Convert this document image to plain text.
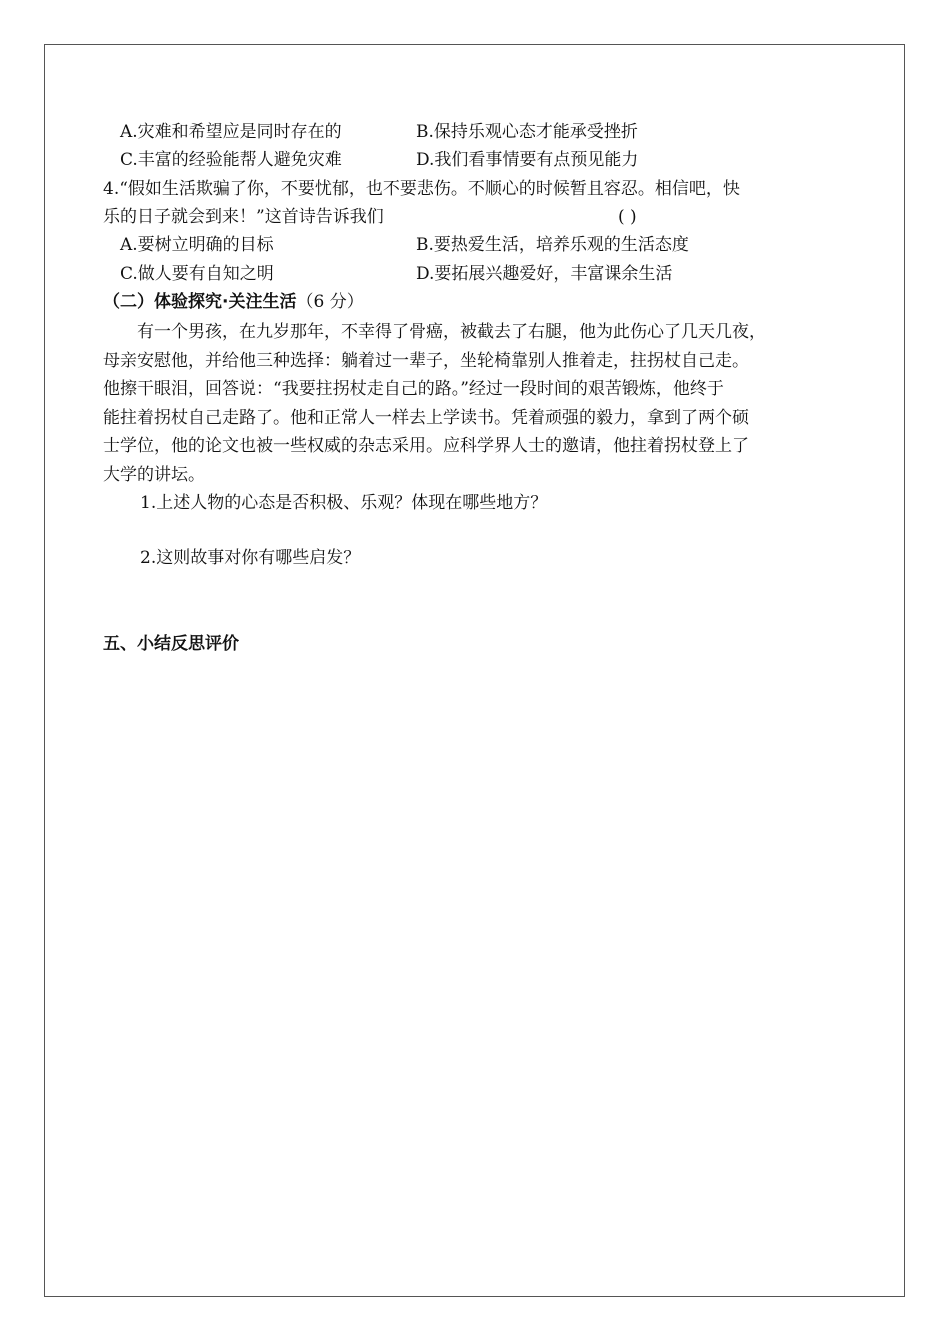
A.灾难和希望应是同时存在的	B.保持乐观心态才能承受挫折
C.丰富的经验能帮人避免灾难	D.我们看事情要有点预见能力
4.“假如生活欺骗了你，不要忧郁，也不要悲伤。不顺心的时候暂且容忍。相信吧，快
乐的日子就会到来！”这首诗告诉我们	( )
A.要树立明确的目标	B.要热爱生活，培养乐观的生活态度
C.做人要有自知之明	D.要拓展兴趣爱好，丰富课余生活
（二）体验探究·关注生活（6 分）

　　有一个男孩，在九岁那年，不幸得了骨癌，被截去了右腿，他为此伤心了几天几夜，

母亲安慰他，并给他三种选择：躺着过一辈子，坐轮椅靠别人推着走，拄拐杖自己走。

他擦干眼泪，回答说：“我要拄拐杖走自己的路。”经过一段时间的艰苦锻炼，他终于

能拄着拐杖自己走路了。他和正常人一样去上学读书。凭着顽强的毅力，拿到了两个硕

士学位，他的论文也被一些权威的杂志采用。应科学界人士的邀请，他拄着拐杖登上了

大学的讲坛。

1.上述人物的心态是否积极、乐观？体现在哪些地方？
2.这则故事对你有哪些启发？
五、小结反思评价
